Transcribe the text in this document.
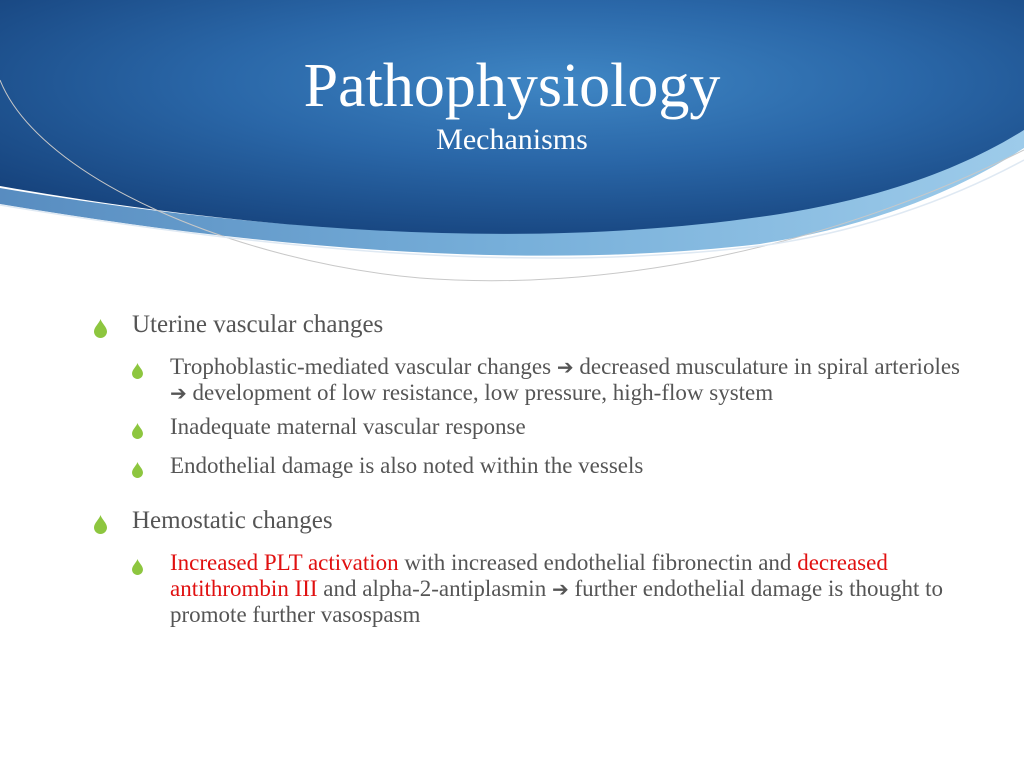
Pathophysiology
Mechanisms
Uterine vascular changes
Trophoblastic-mediated vascular changes ➔ decreased musculature in spiral arterioles ➔ development of low resistance, low pressure, high-flow system
Inadequate maternal vascular response
Endothelial damage is also noted within the vessels
Hemostatic changes
Increased PLT activation with increased endothelial fibronectin and decreased antithrombin III and alpha-2-antiplasmin ➔ further endothelial damage is thought to promote further vasospasm
